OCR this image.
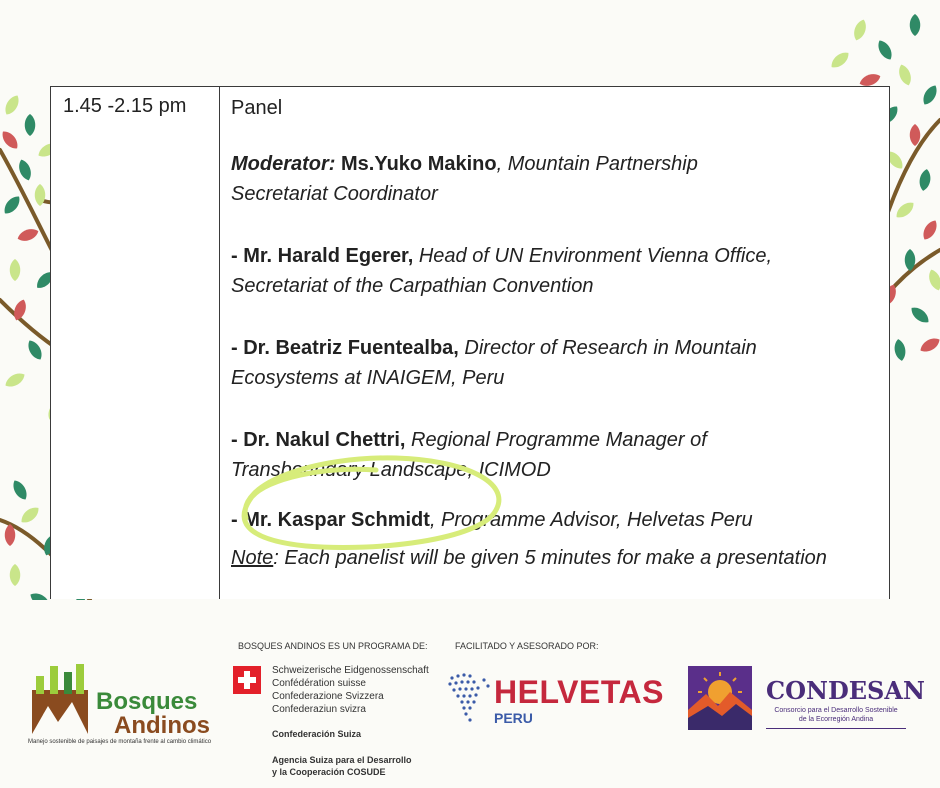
1.45 -2.15 pm Panel

Moderator: Ms.Yuko Makino, Mountain Partnership
Secretariat Coordinator

- Mr. Harald Egerer, Head of UN Environment Vienna Office,
Secretariat of the Carpathian Convention

- Dr. Beatriz Fuentealba, Director of Research in Mountain
Ecosystems at INAIGEM, Peru

- Dr. Nakul Chettri, Regional Programme Manager of
Transboundary Landscape, ICIMOD

- Mr. Kaspar Schmidt, Programme Advisor, Helvetas Peru

Note: Each panelist will be given 5 minutes for make a presentation

Bosques
Andinos
Manejo sostenible de paisajes de montaña frente al cambio climático
BOSQUES ANDINOS ES UN PROGRAMA DE:
Schweizerische Eidgenossenschaft
Confédération suisse
Confederazione Svizzera
Confederaziun svizra
Confederación Suiza
Agencia Suiza para el Desarrollo
y la Cooperación COSUDE
FACILITADO Y ASESORADO POR:
HELVETAS
PERU
CONDESAN
Consorcio para el Desarrollo Sostenible
de la Ecorregión Andina
